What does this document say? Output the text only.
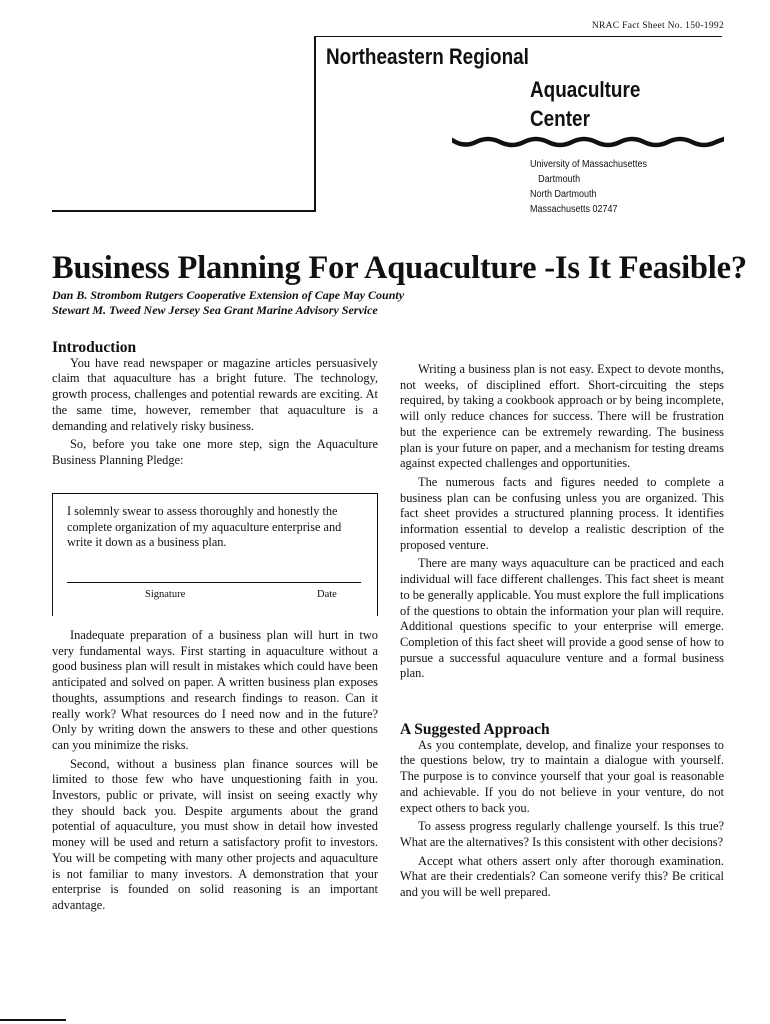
NRAC Fact Sheet No. 150-1992
Northeastern Regional
Aquaculture
Center
University of Massachusettes
Dartmouth
North Dartmouth
Massachusetts 02747
Business Planning For Aquaculture -Is It Feasible?
Dan B. Strombom Rutgers Cooperative Extension of Cape May County
Stewart M. Tweed New Jersey Sea Grant Marine Advisory Service
Introduction

You have read newspaper or magazine articles persuasively claim that aquaculture has a bright future. The technology, growth process, challenges and potential rewards are exciting. At the same time, however, remember that aquaculture is a demanding and relatively risky business.

So, before you take one more step, sign the Aquaculture Business Planning Pledge:

I solemnly swear to assess thoroughly and honestly the complete organization of my aquaculture enterprise and write it down as a business plan.
Signature	Date

Inadequate preparation of a business plan will hurt in two very fundamental ways. First starting in aquaculture without a good business plan will result in mistakes which could have been anticipated and solved on paper. A written business plan exposes thoughts, assumptions and research findings to reason. Can it really work? What resources do I need now and in the future? Only by writing down the answers to these and other questions can you minimize the risks.

Second, without a business plan finance sources will be limited to those few who have unquestioning faith in you. Investors, public or private, will insist on seeing exactly why they should back you. Despite arguments about the grand potential of aquaculture, you must show in detail how invested money will be used and return a satisfactory profit to investors. You will be competing with many other projects and aquaculture is not familiar to many investors. A demonstration that your enterprise is founded on solid reasoning is an important advantage.

Writing a business plan is not easy. Expect to devote months, not weeks, of disciplined effort. Short-circuiting the steps required, by taking a cookbook approach or by being incomplete, will only reduce chances for success. There will be frustration but the experience can be extremely rewarding. The business plan is your future on paper, and a mechanism for testing dreams against expected challenges and opportunities.

The numerous facts and figures needed to complete a business plan can be confusing unless you are organized. This fact sheet provides a structured planning process. It identifies information essential to develop a realistic description of the proposed venture.

There are many ways aquaculture can be practiced and each individual will face different challenges. This fact sheet is meant to be generally applicable. You must explore the full implications of the questions to obtain the information your plan will require. Additional questions specific to your enterprise will emerge. Completion of this fact sheet will provide a good sense of how to pursue a successful aquaculure venture and a formal business plan.

A Suggested Approach

As you contemplate, develop, and finalize your responses to the questions below, try to maintain a dialogue with yourself. The purpose is to convince yourself that your goal is reasonable and achievable. If you do not believe in your venture, do not expect others to back you.

To assess progress regularly challenge yourself. Is this true? What are the alternatives? Is this consistent with other decisions?

Accept what others assert only after thorough examination. What are their credentials? Can someone verify this? Be critical and you will be well prepared.
